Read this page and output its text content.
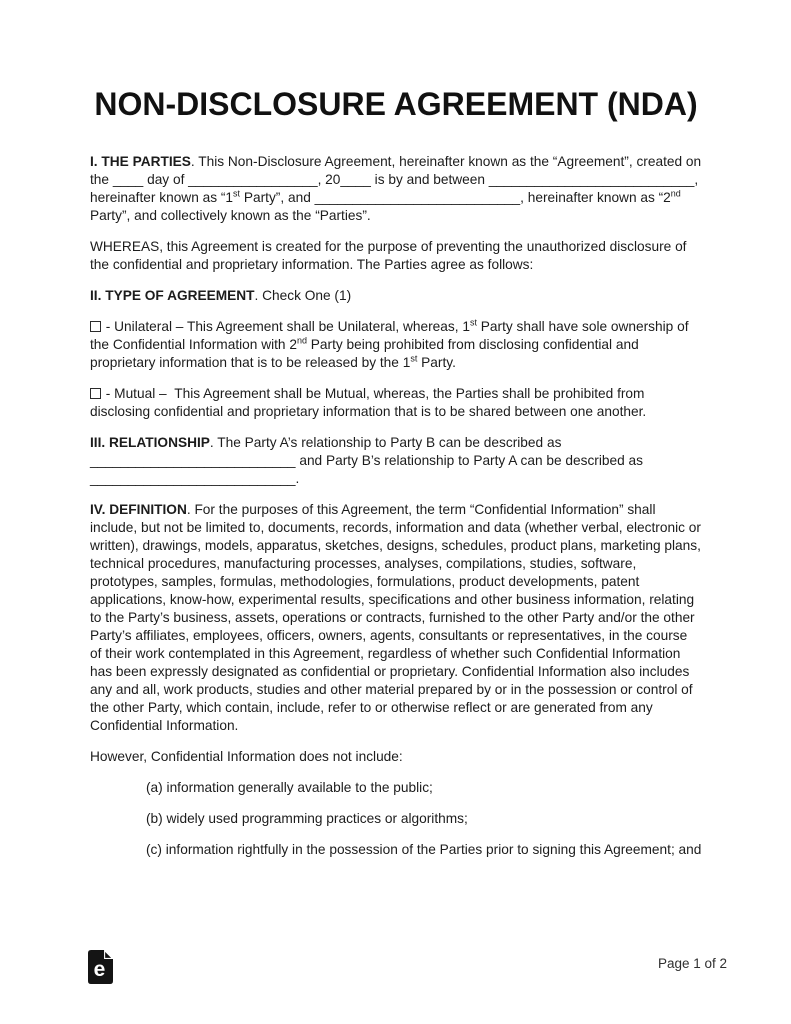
NON-DISCLOSURE AGREEMENT (NDA)

I. THE PARTIES. This Non-Disclosure Agreement, hereinafter known as the “Agreement”, created on the ____ day of _________________, 20____ is by and between ___________________________, hereinafter known as “1st Party”, and ___________________________, hereinafter known as “2nd Party”, and collectively known as the “Parties”.

WHEREAS, this Agreement is created for the purpose of preventing the unauthorized disclosure of the confidential and proprietary information. The Parties agree as follows:

II. TYPE OF AGREEMENT. Check One (1)

- Unilateral – This Agreement shall be Unilateral, whereas, 1st Party shall have sole ownership of the Confidential Information with 2nd Party being prohibited from disclosing confidential and proprietary information that is to be released by the 1st Party.

- Mutual –  This Agreement shall be Mutual, whereas, the Parties shall be prohibited from disclosing confidential and proprietary information that is to be shared between one another.

III. RELATIONSHIP. The Party A’s relationship to Party B can be described as ___________________________ and Party B’s relationship to Party A can be described as ___________________________.

IV. DEFINITION. For the purposes of this Agreement, the term “Confidential Information” shall include, but not be limited to, documents, records, information and data (whether verbal, electronic or written), drawings, models, apparatus, sketches, designs, schedules, product plans, marketing plans, technical procedures, manufacturing processes, analyses, compilations, studies, software, prototypes, samples, formulas, methodologies, formulations, product developments, patent applications, know-how, experimental results, specifications and other business information, relating to the Party’s business, assets, operations or contracts, furnished to the other Party and/or the other Party’s affiliates, employees, officers, owners, agents, consultants or representatives, in the course of their work contemplated in this Agreement, regardless of whether such Confidential Information has been expressly designated as confidential or proprietary. Confidential Information also includes any and all, work products, studies and other material prepared by or in the possession or control of the other Party, which contain, include, refer to or otherwise reflect or are generated from any Confidential Information.

However, Confidential Information does not include:

(a) information generally available to the public;

(b) widely used programming practices or algorithms;

(c) information rightfully in the possession of the Parties prior to signing this Agreement; and

e	Page 1 of 2
